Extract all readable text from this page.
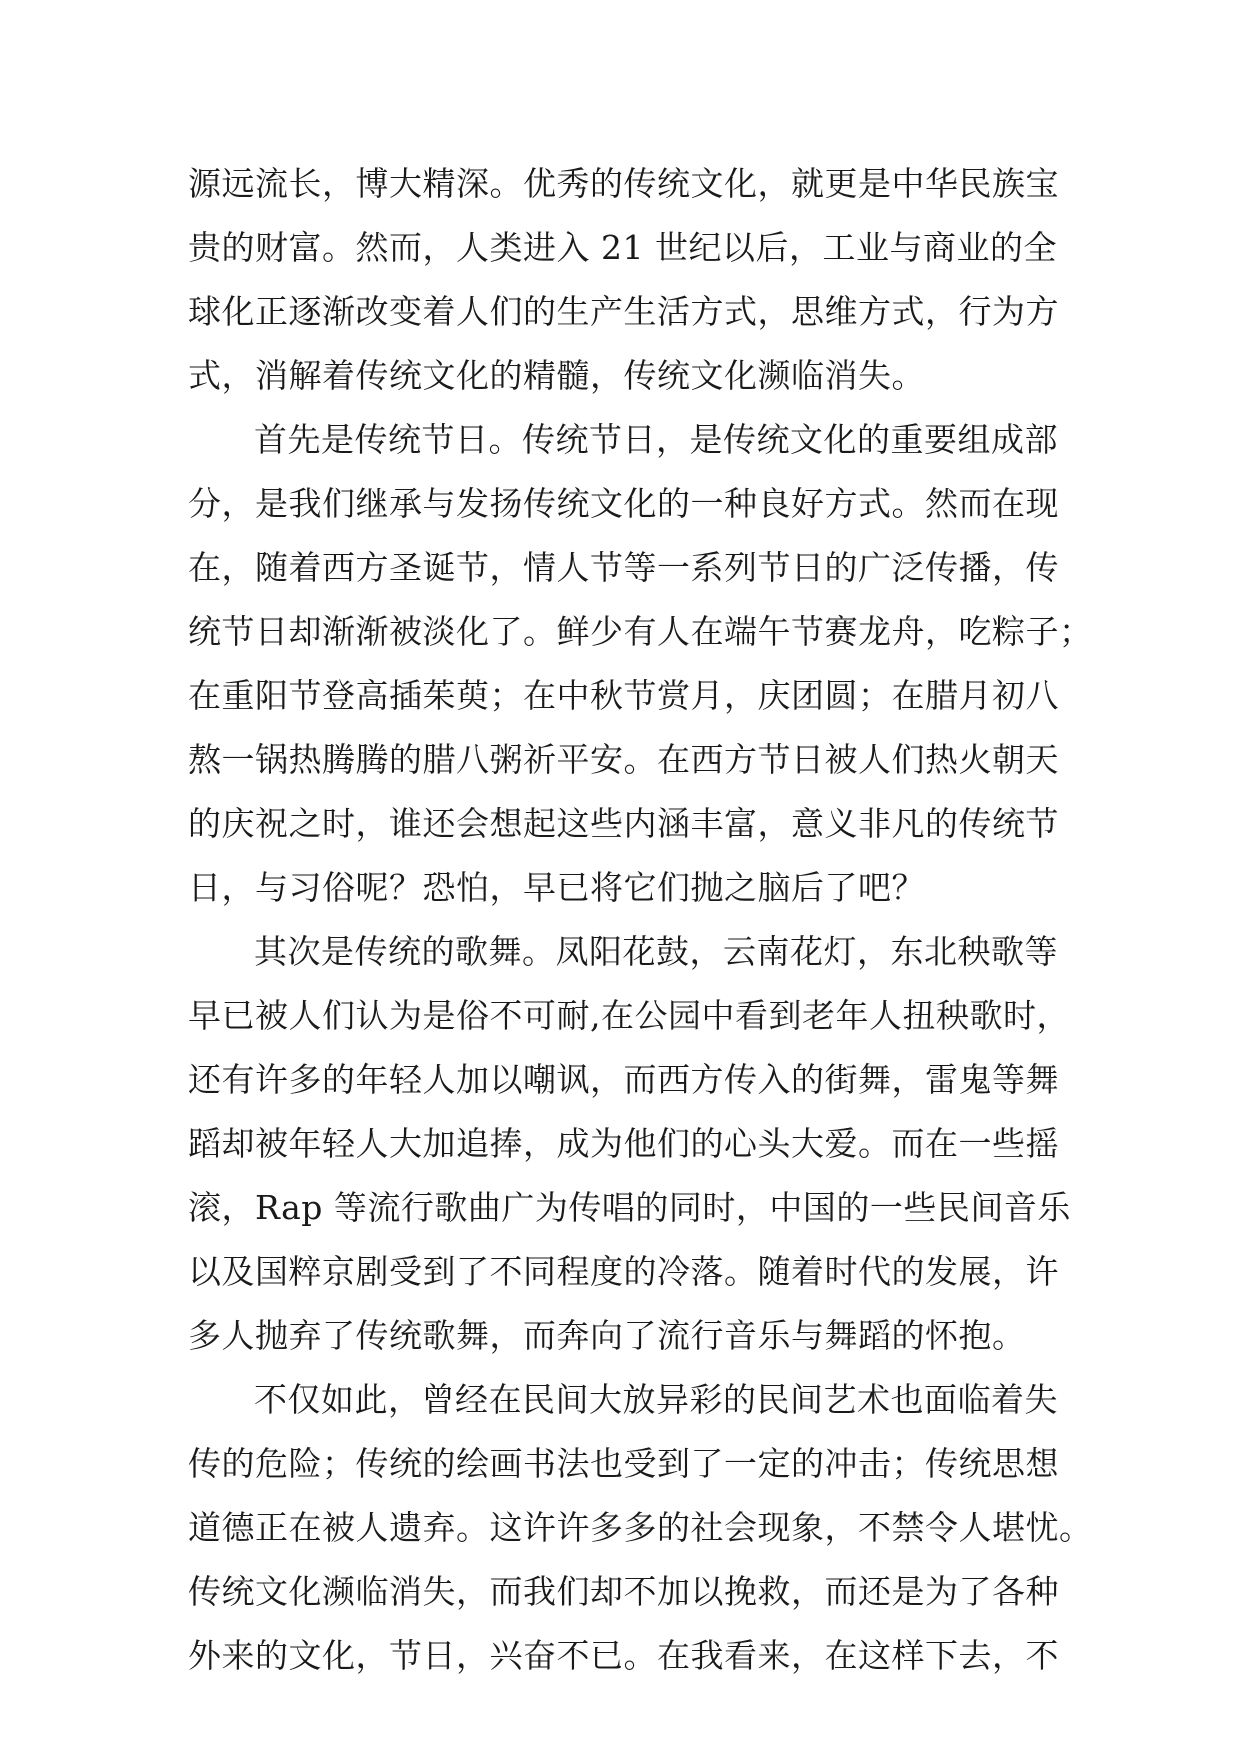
源远流长，博大精深。优秀的传统文化，就更是中华民族宝
贵的财富。然而，人类进入 21 世纪以后，工业与商业的全
球化正逐渐改变着人们的生产生活方式，思维方式，行为方
式，消解着传统文化的精髓，传统文化濒临消失。

首先是传统节日。传统节日，是传统文化的重要组成部
分，是我们继承与发扬传统文化的一种良好方式。然而在现
在，随着西方圣诞节，情人节等一系列节日的广泛传播，传
统节日却渐渐被淡化了。鲜少有人在端午节赛龙舟，吃粽子；
在重阳节登高插茱萸；在中秋节赏月，庆团圆；在腊月初八
熬一锅热腾腾的腊八粥祈平安。在西方节日被人们热火朝天
的庆祝之时，谁还会想起这些内涵丰富，意义非凡的传统节
日，与习俗呢？恐怕，早已将它们抛之脑后了吧？

其次是传统的歌舞。凤阳花鼓，云南花灯，东北秧歌等
早已被人们认为是俗不可耐,在公园中看到老年人扭秧歌时，
还有许多的年轻人加以嘲讽，而西方传入的街舞，雷鬼等舞
蹈却被年轻人大加追捧，成为他们的心头大爱。而在一些摇
滚，Rap 等流行歌曲广为传唱的同时，中国的一些民间音乐
以及国粹京剧受到了不同程度的冷落。随着时代的发展，许
多人抛弃了传统歌舞，而奔向了流行音乐与舞蹈的怀抱。

不仅如此，曾经在民间大放异彩的民间艺术也面临着失
传的危险；传统的绘画书法也受到了一定的冲击；传统思想
道德正在被人遗弃。这许许多多的社会现象，不禁令人堪忧。
传统文化濒临消失，而我们却不加以挽救，而还是为了各种
外来的文化，节日，兴奋不已。在我看来，在这样下去，不
